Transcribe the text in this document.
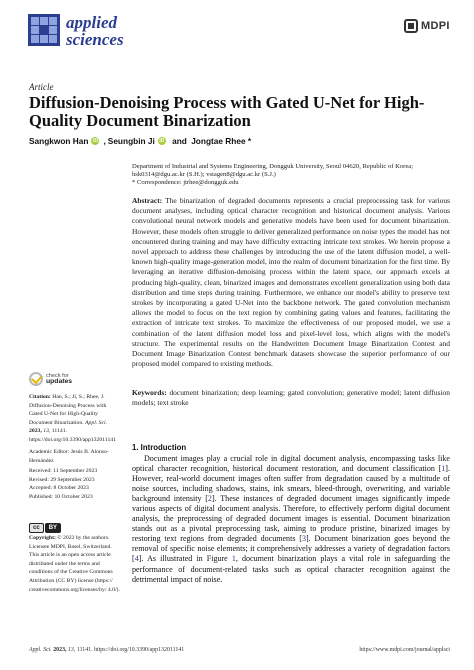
applied
sciences
MDPI
Article
Diffusion-Denoising Process with Gated U-Net for High-Quality Document Binarization
Sangkwon Han iD , Seungbin Ji iD and Jongtae Rhee *

Department of Industrial and Systems Engineering, Dongguk University, Seoul 04620, Republic of Korea;

hsk0314@dgu.ac.kr (S.H.); vsiagen8@dgu.ac.kr (S.J.)

* Correspondence: jtrhee@dongguk.edu

Abstract: The binarization of degraded documents represents a crucial preprocessing task for various document analyses, including optical character recognition and historical document analysis. Various convolutional neural network models and generative models have been used for document binarization. However, these models often struggle to deliver generalized performance on noise types the model has not encountered during training and may have difficulty extracting intricate text strokes. We herein propose a novel approach to address these challenges by introducing the use of the latent diffusion model, a well-known high-quality image-generation model, into the realm of document binarization for the first time. By leveraging an iterative diffusion-denoising process within the latent space, our approach excels at producing high-quality, clean, binarized images and demonstrates excellent generalization using both data distribution and time steps during training. Furthermore, we enhance our model's ability to preserve text strokes by incorporating a gated U-Net into the backbone network. The gated convolution mechanism allows the model to focus on the text region by combining gating values and features, facilitating the extraction of intricate text strokes. To maximize the effectiveness of our proposed model, we use a combination of the latent diffusion model loss and pixel-level loss, which aligns with the model's structure. The experimental results on the Handwritten Document Image Binarization Contest and Document Image Binarization Contest benchmark datasets showcase the superior performance of our proposed model compared to existing methods.
Keywords: document binarization; deep learning; gated convolution; generative model; latent diffusion models; text stroke
check for
updates
Citation: Han, S.; Ji, S.; Rhee, J. Diffusion-Denoising Process with Gated U-Net for High-Quality Document Binarization. Appl. Sci. 2023, 13, 11141. https://doi.org/10.3390/app132011141
Academic Editor: Jesús B. Alonso-Hernández
Received: 11 September 2023
Revised: 29 September 2023
Accepted: 8 October 2023
Published: 10 October 2023
cc	BY
Copyright: © 2023 by the authors. Licensee MDPI, Basel, Switzerland. This article is an open access article distributed under the terms and conditions of the Creative Commons Attribution (CC BY) license (https:// creativecommons.org/licenses/by/ 4.0/).
1. Introduction
Document images play a crucial role in digital document analysis, encompassing tasks like optical character recognition, historical document restoration, and document classification [1]. However, real-world document images often suffer from degradation caused by a multitude of noise sources, including shadows, stains, ink smears, bleed-through, overwriting, and variable background intensity [2]. These instances of degraded document images significantly impede various aspects of digital document analysis. Therefore, to effectively perform digital document analysis, the preprocessing of degraded document images is essential. Document binarization stands out as a pivotal preprocessing task, aiming to produce pristine, binarized images by restoring text regions from degraded documents [3]. Document binarization goes beyond the removal of specific noise elements; it comprehensively addresses a variety of degradation factors [4]. As illustrated in Figure 1, document binarization plays a vital role in safeguarding the performance of document-related tasks such as optical character recognition against the detrimental impact of noise.
Appl. Sci. 2023, 13, 11141. https://doi.org/10.3390/app132011141	https://www.mdpi.com/journal/applsci
